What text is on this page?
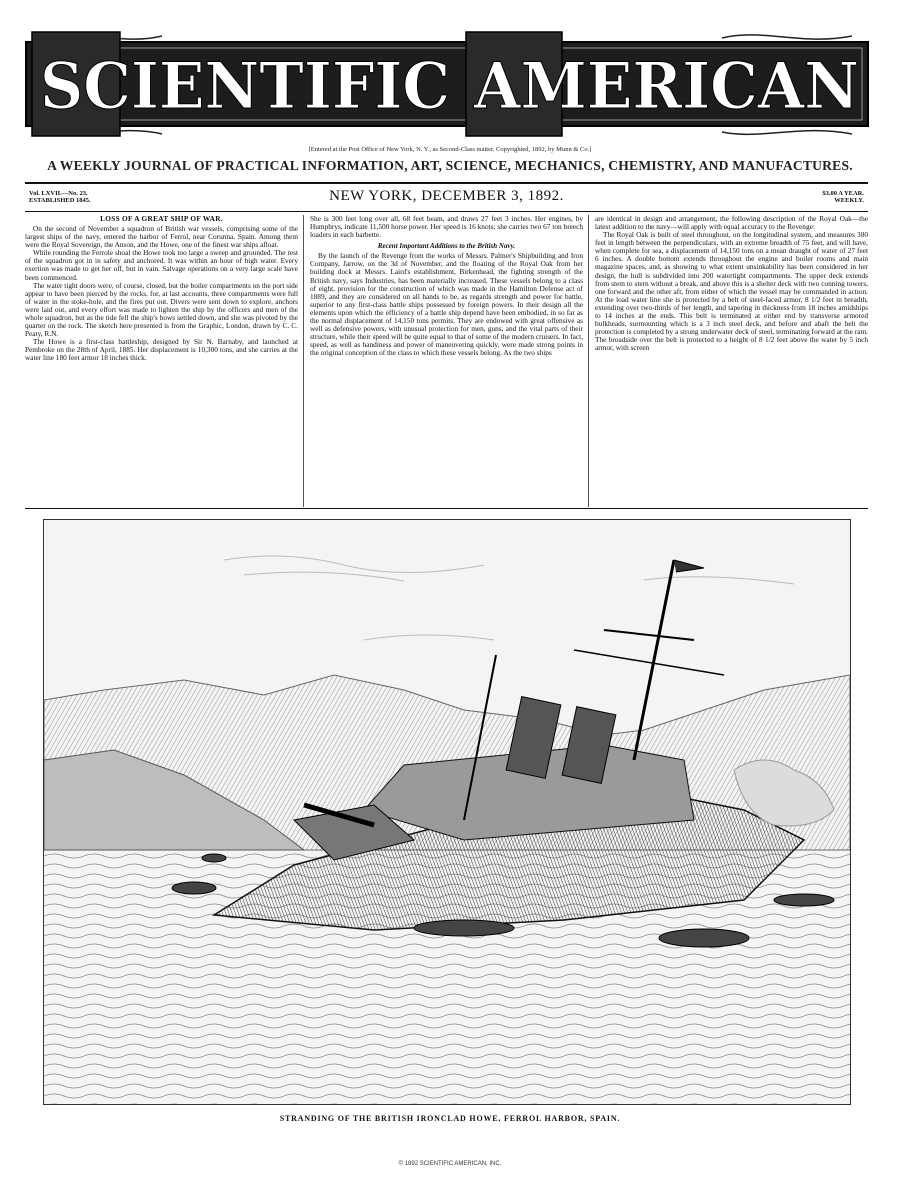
SCIENTIFIC AMERICAN
[Entered at the Post Office of New York, N. Y., as Second-Class matter. Copyrighted, 1892, by Munn & Co.]
A WEEKLY JOURNAL OF PRACTICAL INFORMATION, ART, SCIENCE, MECHANICS, CHEMISTRY, AND MANUFACTURES.
Vol. LXVII.—No. 23.
ESTABLISHED 1845.	NEW YORK, DECEMBER 3, 1892.	$3.00 A YEAR.
WEEKLY.
LOSS OF A GREAT SHIP OF WAR.

On the second of November a squadron of British war vessels, comprising some of the largest ships of the navy, entered the harbor of Ferrol, near Corunna, Spain. Among them were the Royal Sovereign, the Anson, and the Howe, one of the finest war ships afloat.

While rounding the Ferrole shoal the Howe took too large a sweep and grounded. The rest of the squadron got in in safety and anchored. It was within an hour of high water. Every exertion was made to get her off, but in vain. Salvage operations on a very large scale have been commenced.

The water tight doors were, of course, closed, but the boiler compartments on the port side appear to have been pierced by the rocks, for, at last accounts, three compartments were full of water in the stoke-hole, and the fires put out. Divers were sent down to explore, anchors were laid out, and every effort was made to lighten the ship by the officers and men of the whole squadron, but as the tide fell the ship's bows settled down, and she was pivoted by the quarter on the rock. The sketch here presented is from the Graphic, London, drawn by C. C. Peaty, R.N.

The Howe is a first-class battleship, designed by Sir N. Barnaby, and launched at Pembroke on the 28th of April, 1885. Her displacement is 10,300 tons, and she carries at the water line 180 feet armor 18 inches thick.

She is 300 feet long over all, 68 feet beam, and draws 27 feet 3 inches. Her engines, by Humphrys, indicate 11,500 horse power. Her speed is 16 knots; she carries two 67 ton breech loaders in each barbette.

Recent Important Additions to the British Navy.

By the launch of the Revenge from the works of Messrs. Palmer's Shipbuilding and Iron Company, Jarrow, on the 3d of November, and the floating of the Royal Oak from her building dock at Messrs. Laird's establishment, Birkenhead, the fighting strength of the British navy, says Industries, has been materially increased. These vessels belong to a class of eight, provision for the construction of which was made in the Hamilton Defense act of 1889, and they are considered on all hands to be, as regards strength and power for battle, superior to any first-class battle ships possessed by foreign powers. In their design all the elements upon which the efficiency of a battle ship depend have been embodied, in so far as the normal displacement of 14,150 tons permits. They are endowed with great offensive as well as defensive powers, with unusual protection for men, guns, and the vital parts of their structure, while their speed will be quite equal to that of some of the modern cruisers. In fact, speed, as well as handiness and power of maneuvering quickly, were made strong points in the original conception of the class to which these vessels belong. As the two ships

are identical in design and arrangement, the following description of the Royal Oak—the latest addition to the navy—will apply with equal accuracy to the Revenge:

The Royal Oak is built of steel throughout, on the longitudinal system, and measures 380 feet in length between the perpendiculars, with an extreme breadth of 75 feet, and will have, when complete for sea, a displacement of 14,150 tons on a mean draught of water of 27 feet 6 inches. A double bottom extends throughout the engine and boiler rooms and main magazine spaces, and, as showing to what extent unsinkability has been considered in her design, the hull is subdivided into 200 watertight compartments. The upper deck extends from stem to stern without a break, and above this is a shelter deck with two conning towers, one forward and the other aft, from either of which the vessel may be commanded in action. At the load water line she is protected by a belt of steel-faced armor, 8 1/2 feet in breadth, extending over two-thirds of her length, and tapering in thickness from 18 inches amidships to 14 inches at the ends. This belt is terminated at either end by transverse armored bulkheads, surmounting which is a 3 inch steel deck, and before and abaft the belt the protection is completed by a strong underwater deck of steel, terminating forward at the ram. The broadside over the belt is protected to a height of 8 1/2 feet above the water by 5 inch armor, with screen

STRANDING OF THE BRITISH IRONCLAD HOWE, FERROL HARBOR, SPAIN.
© 1892 SCIENTIFIC AMERICAN, INC.
